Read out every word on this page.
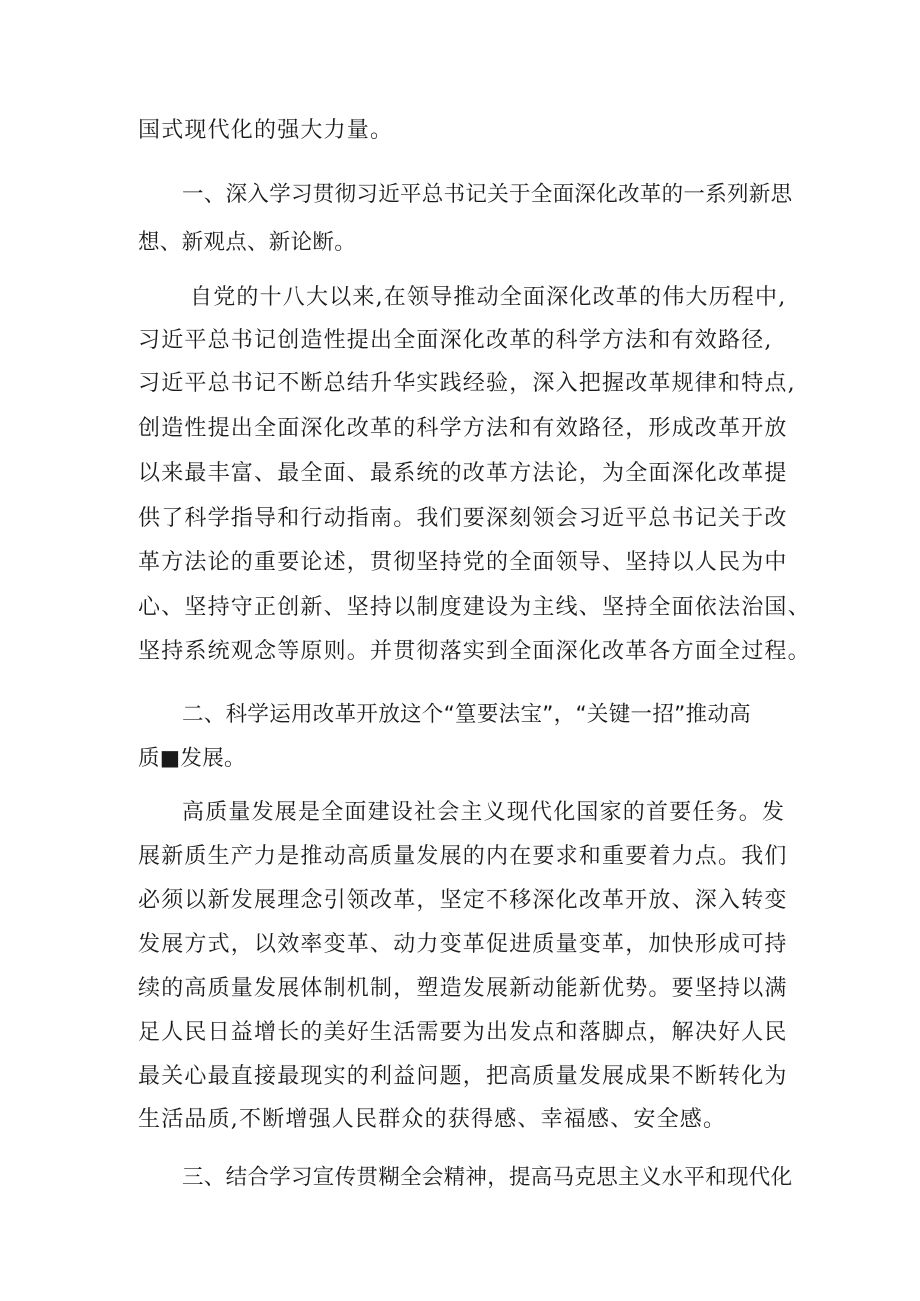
国式现代化的强大力量。
一、深入学习贯彻习近平总书记关于全面深化改革的一系列新思
想、新观点、新论断。
自党的十八大以来,在领导推动全面深化改革的伟大历程中,
习近平总书记创造性提出全面深化改革的科学方法和有效路径,
习近平总书记不断总结升华实践经验，深入把握改革规律和特点,
创造性提出全面深化改革的科学方法和有效路径，形成改革开放
以来最丰富、最全面、最系统的改革方法论，为全面深化改革提
供了科学指导和行动指南。我们要深刻领会习近平总书记关于改
革方法论的重要论述，贯彻坚持党的全面领导、坚持以人民为中
心、坚持守正创新、坚持以制度建设为主线、坚持全面依法治国、
坚持系统观念等原则。并贯彻落实到全面深化改革各方面全过程。
二、科学运用改革开放这个“篁要法宝”，“关键一招”推动高
质■发展。
高质量发展是全面建设社会主义现代化国家的首要任务。发
展新质生产力是推动高质量发展的内在要求和重要着力点。我们
必须以新发展理念引领改革，坚定不移深化改革开放、深入转变
发展方式，以效率变革、动力变革促进质量变革，加快形成可持
续的高质量发展体制机制，塑造发展新动能新优势。要坚持以满
足人民日益增长的美好生活需要为出发点和落脚点，解决好人民
最关心最直接最现实的利益问题，把高质量发展成果不断转化为
生活品质,不断增强人民群众的获得感、幸福感、安全感。
三、结合学习宣传贯糊全会精神，提高马克思主义水平和现代化
